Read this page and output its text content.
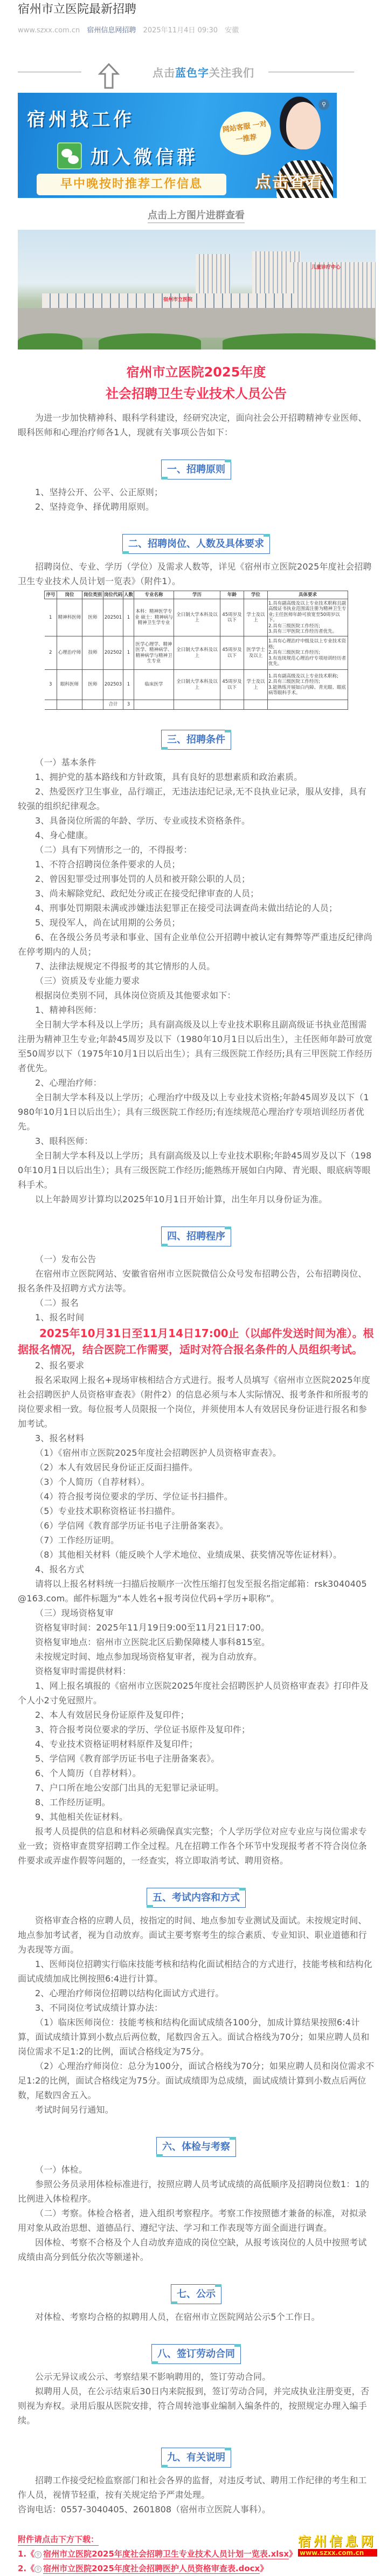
宿州市立医院最新招聘
www.szxx.com.cn 宿州信息网招聘 2025年11月4日 09:30 安徽
点击蓝色字关注我们
宿州找工作
加入微信群
早中晚按时推荐工作信息
网站客服 一对一推荐
点击查看
⚲
点击上方图片进群查看
宿州市立医院
儿童诊疗中心
宿州市立医院2025年度
社会招聘卫生专业技术人员公告

为进一步加快精神科、眼科学科建设，经研究决定，面向社会公开招聘精神专业医师、眼科医师和心理治疗师各1人，现就有关事项公告如下：

一、招聘原则

1、坚持公开、公平、公正原则；

2、坚持竞争、择优聘用原则。

二、招聘岗位、人数及具体要求

招聘岗位、专业、学历（学位）及需求人数等，详见《宿州市立医院2025年度社会招聘卫生专业技术人员计划一览表》（附件1）。

序号	岗位	岗位类别	岗位代码	人数	专业名称	学历	年龄	学位	具体要求
1	精神科医师	医师	202501	1	本科：精神医学专业 硕士：精神病与精神卫生学专业	全日制大学本科及以上	45周岁及以下	学士及以上	1.具有副高级及以上专业技术职称且副高级证书执业范围需注册为精神卫生专业;主任医师年龄可放宽至50周岁以下。
2.具有三级医院工作经历;
3.具有三甲医院工作经历者优先。
2	心理治疗师	技师	202502	1	医学心理学、精神医学、精神病学、精神病学与精神卫生专业	全日制大学本科及以上	45周岁及以下	医学学士及以上	1.具有心理治疗中级及以上专业技术资格;
2.具有三级医院工作经历;
3.有连续规范心理治疗专项培训经历者优先。
3	眼科医师	医师	202503	1	临床医学	全日制大学本科及以上	45周岁及以下	学士及以上	1.具有副高级及以上专业技术职称;
2.具有三级医院工作经历;
3.能熟练开展如白内障、青光眼、眼底病等眼科手术。
			合计	3					
三、招聘条件

（一）基本条件

1、拥护党的基本路线和方针政策，具有良好的思想素质和政治素质。

2、热爱医疗卫生事业，品行端正，无违法违纪记录,无不良执业记录，服从安排，具有较强的组织纪律观念。

3、具备岗位所需的年龄、学历、专业或技术资格条件。

4、身心健康。

（二）具有下列情形之一的，不得报考：

1、不符合招聘岗位条件要求的人员；

2、曾因犯罪受过刑事处罚的人员和被开除公职的人员；

3、尚未解除党纪、政纪处分或正在接受纪律审查的人员；

4、刑事处罚期限未满或涉嫌违法犯罪正在接受司法调查尚未做出结论的人员；

5、现役军人，尚在试用期的公务员；

6、在各级公务员考录和事业、国有企业单位公开招聘中被认定有舞弊等严重违反纪律尚在停考期内的人员；

7、法律法规规定不得报考的其它情形的人员。

（三）资质及专业能力要求

根据岗位类别不同，具体岗位资质及其他要求如下：

1、精神科医师：

全日制大学本科及以上学历；具有副高级及以上专业技术职称且副高级证书执业范围需注册为精神卫生专业;年龄45周岁及以下（1980年10月1日以后出生），主任医师年龄可放宽至50周岁以下（1975年10月1日以后出生）；具有三级医院工作经历;具有三甲医院工作经历者优先。

2、心理治疗师：

全日制大学本科及以上学历；心理治疗中级及以上专业技术资格;年龄45周岁及以下（1980年10月1日以后出生）；具有三级医院工作经历;有连续规范心理治疗专项培训经历者优先。

3、眼科医师：

全日制大学本科及以上学历；具有副高级及以上专业技术职称;年龄45周岁及以下（1980年10月1日以后出生）；具有三级医院工作经历;能熟练开展如白内障、青光眼、眼底病等眼科手术。

以上年龄周岁计算均以2025年10月1日开始计算，出生年月以身份证为准。

四、招聘程序

（一）发布公告

在宿州市立医院网站、安徽省宿州市立医院微信公众号发布招聘公告，公布招聘岗位、报名条件及招聘方式方法等。

（二）报名

1、报名时间

2025年10月31日至11月14日17:00止（以邮件发送时间为准）。根据报名情况，结合医院工作需要，适时对符合报名条件的人员组织考试。

2、报名要求

报名采取网上报名+现场审核相结合方式进行。报考人员填写《宿州市立医院2025年度社会招聘医护人员资格审查表》（附件2）的信息必须与本人实际情况、报考条件和所报考的岗位要求相一致。每位报考人员限报一个岗位，并须使用本人有效居民身份证进行报名和参加考试。

3、报名材料

（1）《宿州市立医院2025年度社会招聘医护人员资格审查表》。

（2）本人有效居民身份证正反面扫描件。

（3）个人简历（自荐材料）。

（4）符合报考岗位要求的学历、学位证书扫描件。

（5）专业技术职称资格证书扫描件。

（6）学信网《教育部学历证书电子注册备案表》。

（7）工作经历证明。

（8）其他相关材料（能反映个人学术地位、业绩成果、获奖情况等佐证材料）。

4、报名方式

请将以上报名材料统一扫描后按顺序一次性压缩打包发至报名指定邮箱：rsk3040405@163.com。邮件标题为“本人姓名+报考岗位代码+学历+职称”。

（三）现场资格复审

资格复审时间：2025年11月19日9:00至11月21日17:00。

资格复审地点：宿州市立医院北区后勤保障楼人事科815室。

未按规定时间、地点参加现场资格复审者，视为自动放弃。

资格复审时需提供材料：

1、网上报名填报的《宿州市立医院2025年度社会招聘医护人员资格审查表》打印件及个人小2寸免冠照片。

2、本人有效居民身份证原件及复印件；

3、符合报考岗位要求的学历、学位证书原件及复印件；

4、专业技术资格证明材料原件及复印件；

5、学信网《教育部学历证书电子注册备案表》。

6、个人简历（自荐材料）。

7、户口所在地公安部门出具的无犯罪记录证明。

8、工作经历证明。

9、其他相关佐证材料。

报考人员提供的信息和材料必须确保真实完整；个人学历学位对应专业应与岗位需求专业一致；资格审查贯穿招聘工作全过程。凡在招聘工作各个环节中发现报考者不符合岗位条件要求或弄虚作假等问题的，一经查实，将立即取消考试、聘用资格。

五、考试内容和方式

资格审查合格的应聘人员，按指定的时间、地点参加专业测试及面试。未按规定时间、地点参加考试者，视为自动放弃。面试主要考察考生的综合素质、专业知识、职业道德和行为表现等方面。

1、医师岗位招聘实行临床技能考核和结构化面试相结合的方式进行，技能考核和结构化面试成绩加成比例按照6:4进行计算。

2、心理治疗师岗位招聘以结构化面试方式进行。

3、不同岗位考试成绩计算办法：

（1）临床医师岗位：技能考核和结构化面试成绩各100分，加成计算结果按照6:4计算，面试成绩计算到小数点后两位数，尾数四舍五入。面试合格线为70分；如果应聘人员和岗位需求不足1:2的比例，面试合格线定为75分。

（2）心理治疗师岗位：总分为100分，面试合格线为70分；如果应聘人员和岗位需求不足1:2的比例，面试合格线定为75分。面试成绩即为总成绩，面试成绩计算到小数点后两位数，尾数四舍五入。

考试时间另行通知。

六、体检与考察

（一）体检。

参照公务员录用体检标准进行，按照应聘人员考试成绩的高低顺序及招聘岗位数1：1的比例进入体检程序。

（二）考察。体检合格者，进入组织考察程序。考察工作按照德才兼备的标准，对拟录用对象从政治思想、道德品行、遵纪守法、学习和工作表现等方面全面进行调查。

因体检、考察不合格及个人自动放弃造成的岗位空缺，从报考该岗位的人员中按照考试成绩由高分到低分依次等额递补。

七、公示

对体检、考察均合格的拟聘用人员，在宿州市立医院网站公示5个工作日。

八、签订劳动合同

公示无异议或公示、考察结果不影响聘用的，签订劳动合同。

拟聘用人员，在公示结束后30日内来院报到，签订劳动合同，并完成执业注册变更，否则视为弃权。录用后服从医院安排，符合周转池事业编制入编条件的，按照规定办理入编手续。

九、有关说明

招聘工作接受纪检监察部门和社会各界的监督，对违反考试、聘用工作纪律的考生和工作人员，视情节轻重，按有关规定给予严肃处理。

咨询电话：0557-3040405、2601808（宿州市立医院人事科）。

附件请点击下方下载：
1.《 ⚲ 宿州市立医院2025年度社会招聘卫生专业技术人员计划一览表.xlsx》
2.《 ⚲ 宿州市立医院2025年度社会招聘医护人员资格审查表.docx》
宿州信息网
www.szxx.com.cn
